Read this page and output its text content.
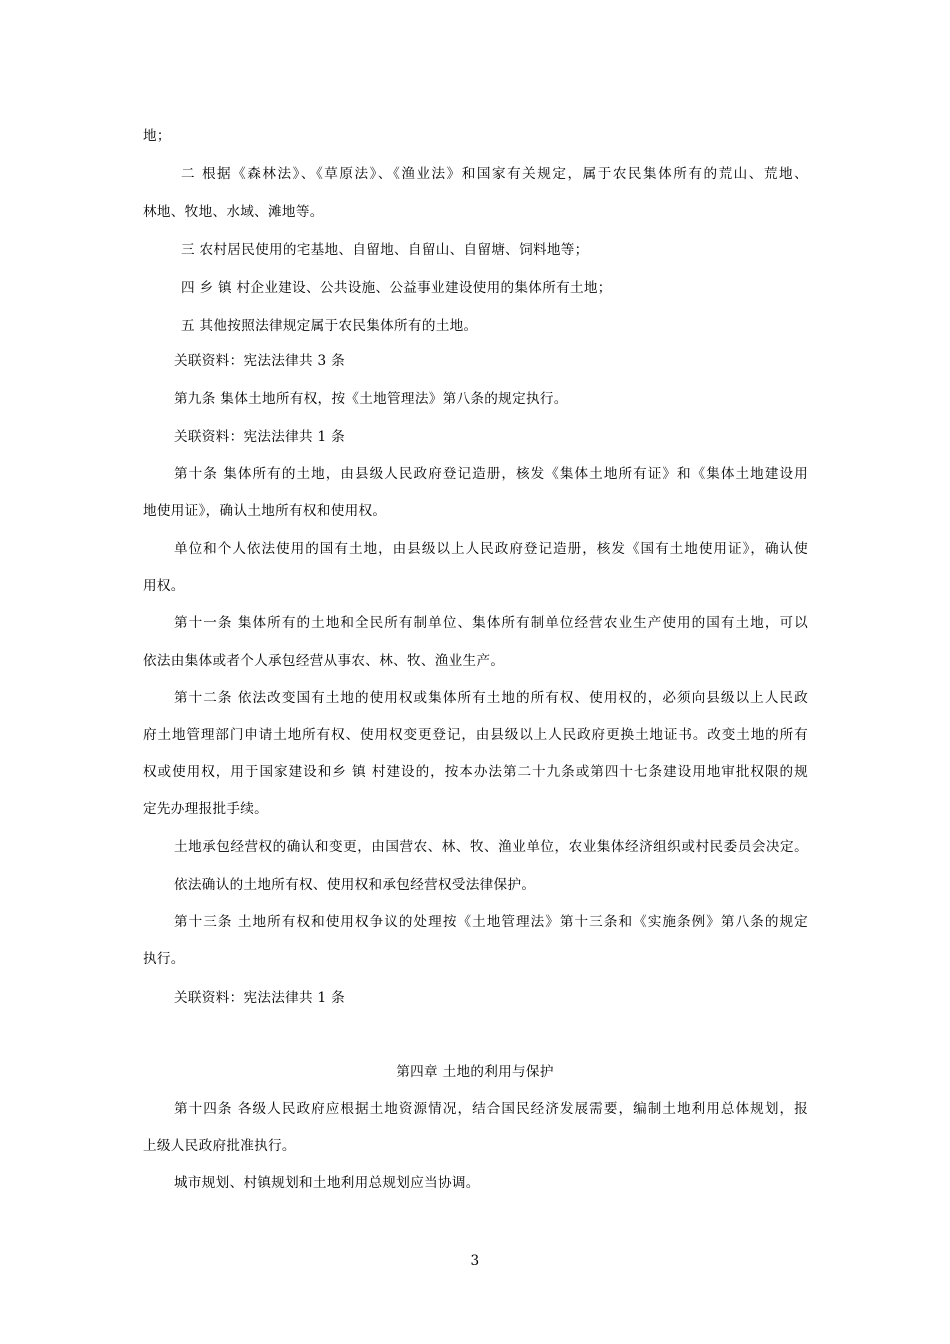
地；
二 根据《森林法》、《草原法》、《渔业法》和国家有关规定，属于农民集体所有的荒山、荒地、
林地、牧地、水域、滩地等。
三 农村居民使用的宅基地、自留地、自留山、自留塘、饲料地等；
四 乡 镇 村企业建设、公共设施、公益事业建设使用的集体所有土地；
五 其他按照法律规定属于农民集体所有的土地。
关联资料：宪法法律共 3 条
第九条 集体土地所有权，按《土地管理法》第八条的规定执行。
关联资料：宪法法律共 1 条
第十条 集体所有的土地，由县级人民政府登记造册，核发《集体土地所有证》和《集体土地建设用
地使用证》，确认土地所有权和使用权。
单位和个人依法使用的国有土地，由县级以上人民政府登记造册，核发《国有土地使用证》，确认使
用权。
第十一条 集体所有的土地和全民所有制单位、集体所有制单位经营农业生产使用的国有土地，可以
依法由集体或者个人承包经营从事农、林、牧、渔业生产。
第十二条 依法改变国有土地的使用权或集体所有土地的所有权、使用权的，必须向县级以上人民政
府土地管理部门申请土地所有权、使用权变更登记，由县级以上人民政府更换土地证书。改变土地的所有
权或使用权，用于国家建设和乡 镇 村建设的，按本办法第二十九条或第四十七条建设用地审批权限的规
定先办理报批手续。
土地承包经营权的确认和变更，由国营农、林、牧、渔业单位，农业集体经济组织或村民委员会决定。
依法确认的土地所有权、使用权和承包经营权受法律保护。
第十三条 土地所有权和使用权争议的处理按《土地管理法》第十三条和《实施条例》第八条的规定
执行。
关联资料：宪法法律共 1 条
第四章 土地的利用与保护
第十四条 各级人民政府应根据土地资源情况，结合国民经济发展需要，编制土地利用总体规划，报
上级人民政府批准执行。
城市规划、村镇规划和土地利用总规划应当协调。
3
